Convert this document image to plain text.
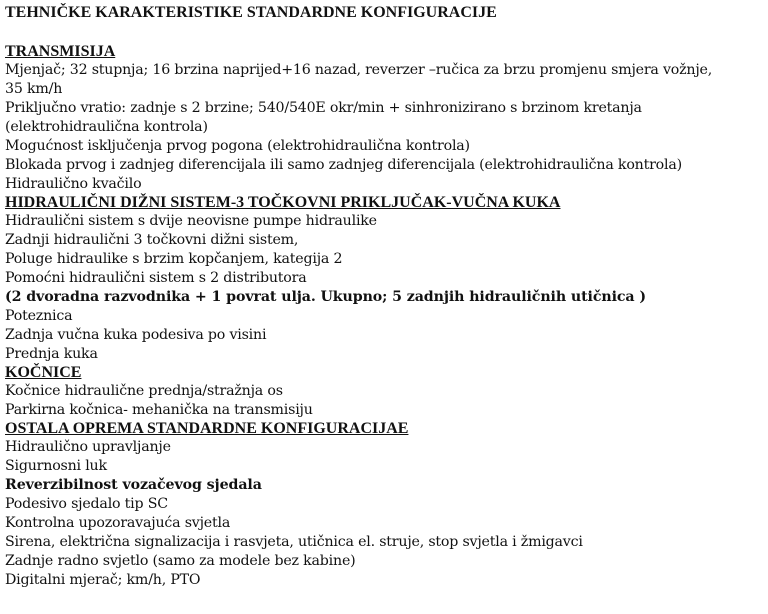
TEHNIČKE KARAKTERISTIKE STANDARDNE KONFIGURACIJE
TRANSMISIJA
Mjenjač; 32 stupnja; 16 brzina naprijed+16 nazad, reverzer –ručica za brzu promjenu smjera vožnje,
35 km/h
Priključno vratio: zadnje s 2 brzine; 540/540E okr/min + sinhronizirano s brzinom kretanja
(elektrohidraulična kontrola)
Mogućnost isključenja prvog pogona (elektrohidraulična kontrola)
Blokada prvog i zadnjeg diferencijala ili samo zadnjeg diferencijala (elektrohidraulična kontrola)
Hidraulično kvačilo
HIDRAULIČNI DIŽNI SISTEM-3 TOČKOVNI PRIKLJUČAK-VUČNA KUKA
Hidraulični sistem s dvije neovisne pumpe hidraulike
Zadnji hidraulični 3 točkovni dižni sistem,
Poluge hidraulike s brzim kopčanjem, kategija 2
Pomoćni hidraulični sistem s 2 distributora
(2 dvoradna razvodnika + 1 povrat ulja. Ukupno; 5 zadnjih hidrauličnih utičnica )
Poteznica
Zadnja vučna kuka podesiva po visini
Prednja kuka
KOČNICE
Kočnice hidraulične prednja/stražnja os
Parkirna kočnica- mehanička na transmisiju
OSTALA OPREMA STANDARDNE KONFIGURACIJAE
Hidraulično upravljanje
Sigurnosni luk
Reverzibilnost vozačevog sjedala
Podesivo sjedalo tip SC
Kontrolna upozoravajuća svjetla
Sirena, električna signalizacija i rasvjeta, utičnica el. struje, stop svjetla i žmigavci
Zadnje radno svjetlo (samo za modele bez kabine)
Digitalni mjerač; km/h, PTO
